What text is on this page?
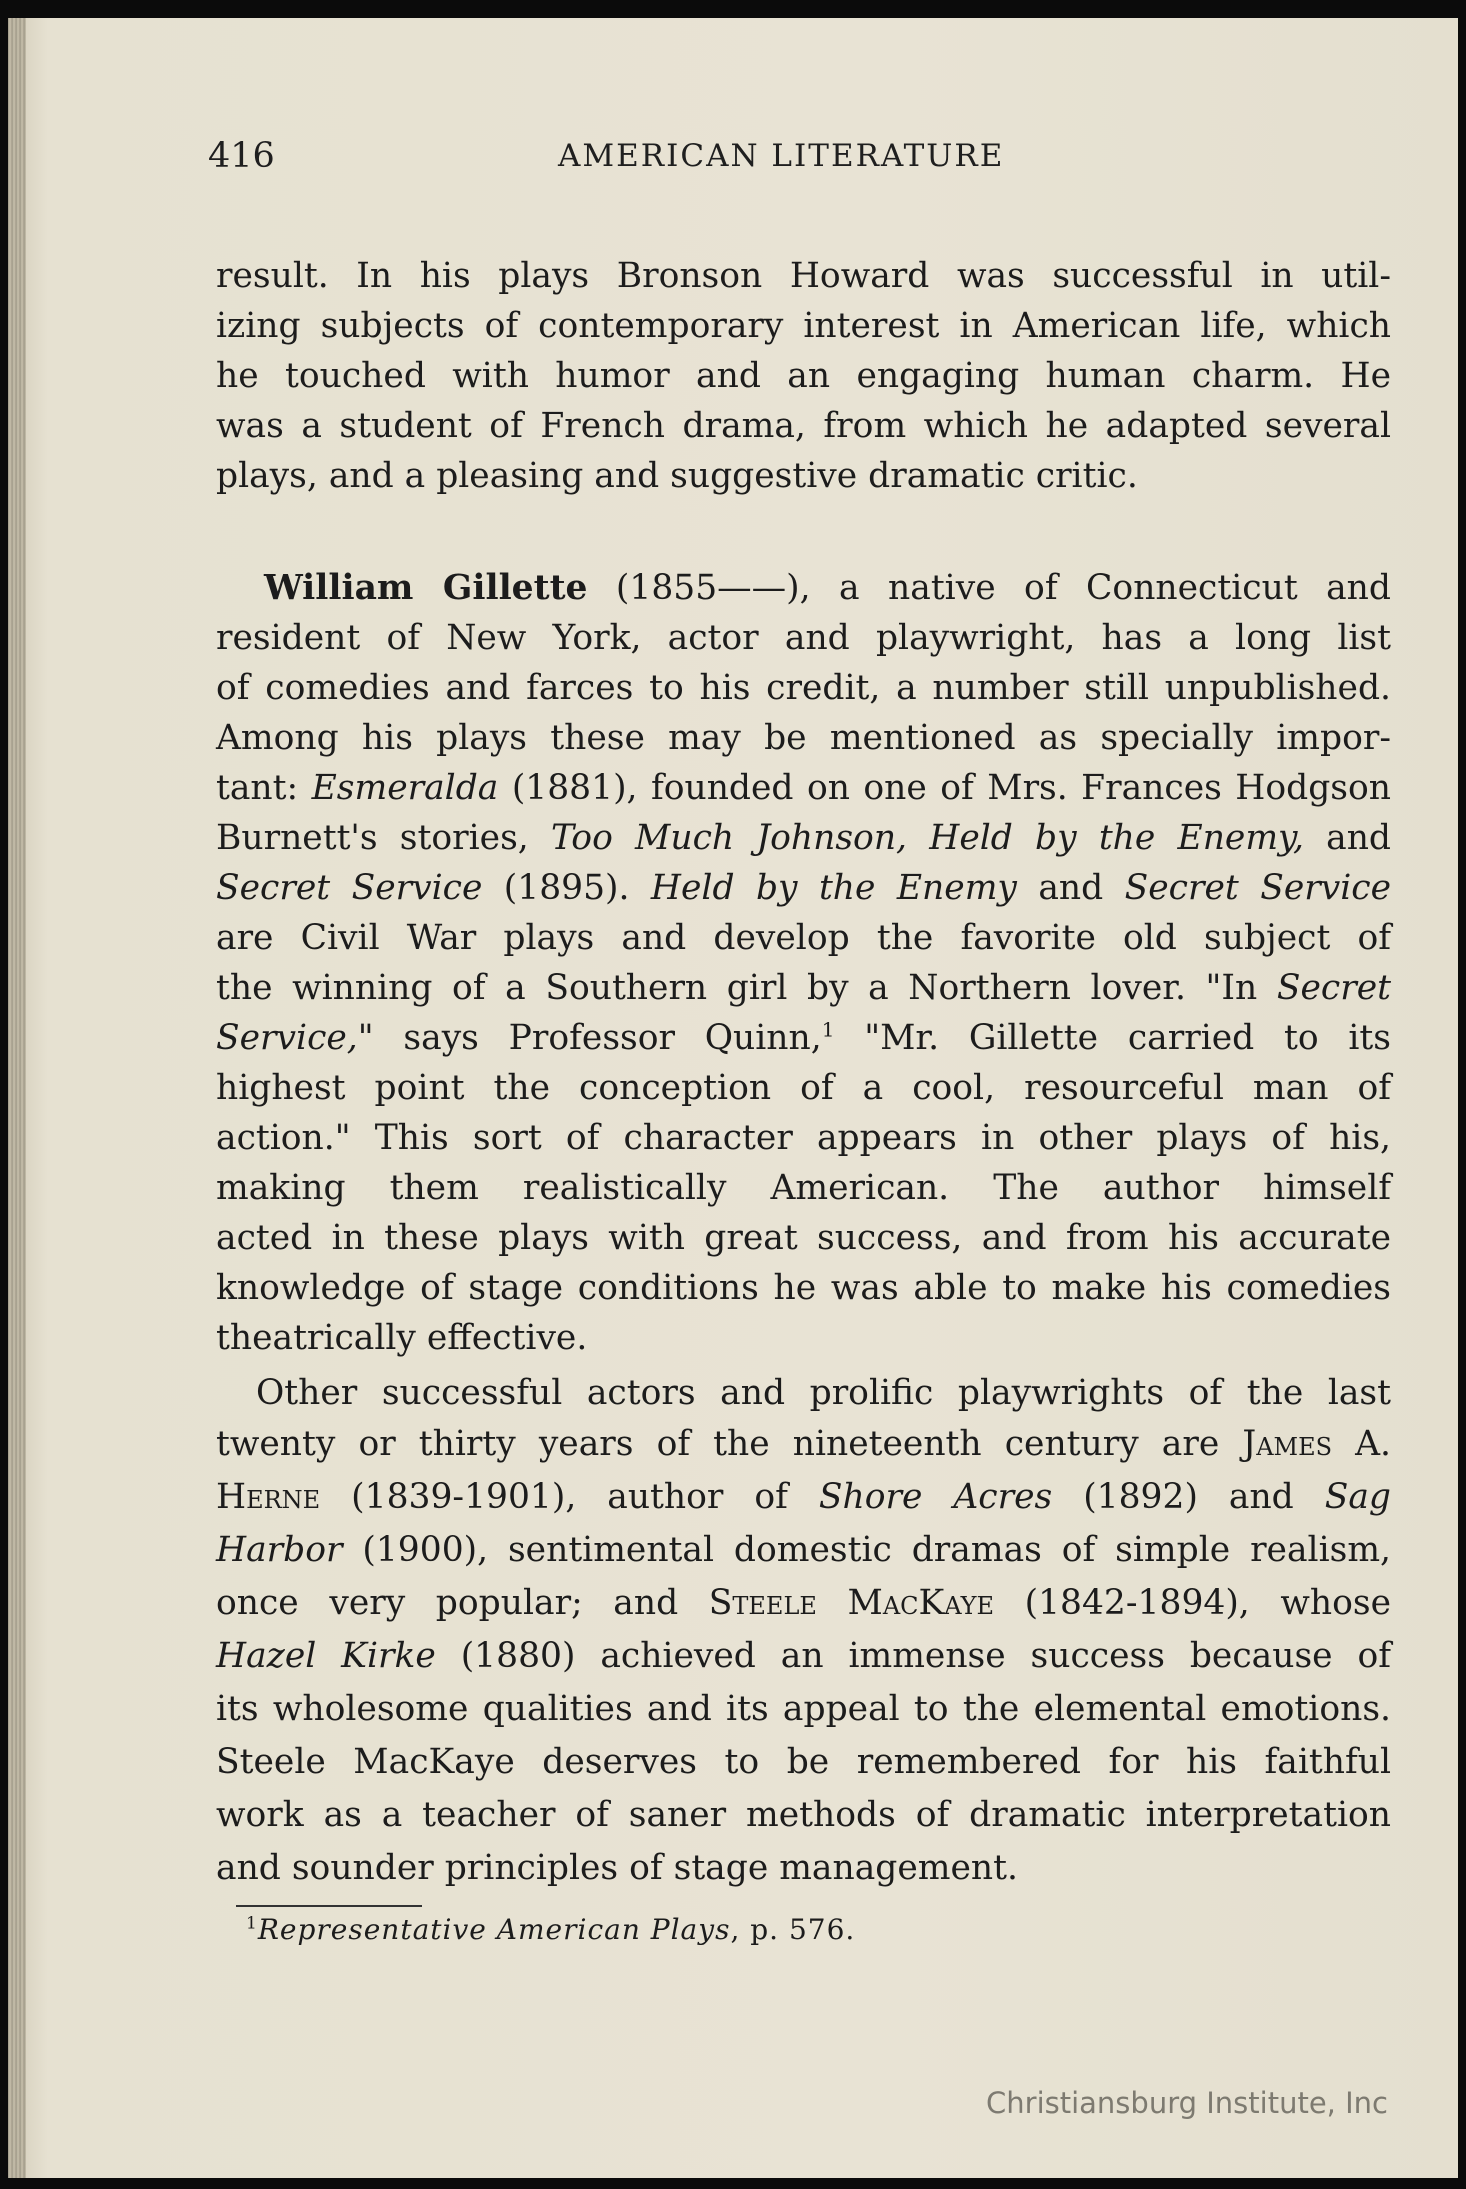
416	AMERICAN LITERATURE
result. In his plays Bronson Howard was successful in util-
izing subjects of contemporary interest in American life, which
he touched with humor and an engaging human charm. He
was a student of French drama, from which he adapted several
plays, and a pleasing and suggestive dramatic critic.
William Gillette (1855——), a native of Connecticut and
resident of New York, actor and playwright, has a long list
of comedies and farces to his credit, a number still unpublished.
Among his plays these may be mentioned as specially impor-
tant: Esmeralda (1881), founded on one of Mrs. Frances Hodgson
Burnett's stories, Too Much Johnson, Held by the Enemy, and
Secret Service (1895). Held by the Enemy and Secret Service
are Civil War plays and develop the favorite old subject of
the winning of a Southern girl by a Northern lover. "In Secret
Service," says Professor Quinn,$^1$ "Mr. Gillette carried to its
highest point the conception of a cool, resourceful man of
action." This sort of character appears in other plays of his,
making them realistically American. The author himself
acted in these plays with great success, and from his accurate
knowledge of stage conditions he was able to make his comedies
theatrically effective.
Other successful actors and prolific playwrights of the last
twenty or thirty years of the nineteenth century are James A.
Herne (1839-1901), author of Shore Acres (1892) and Sag
Harbor (1900), sentimental domestic dramas of simple realism,
once very popular; and Steele MacKaye (1842-1894), whose
Hazel Kirke (1880) achieved an immense success because of
its wholesome qualities and its appeal to the elemental emotions.
Steele MacKaye deserves to be remembered for his faithful
work as a teacher of saner methods of dramatic interpretation
and sounder principles of stage management.
$^1$Representative American Plays, p. 576.
Christiansburg Institute, Inc
